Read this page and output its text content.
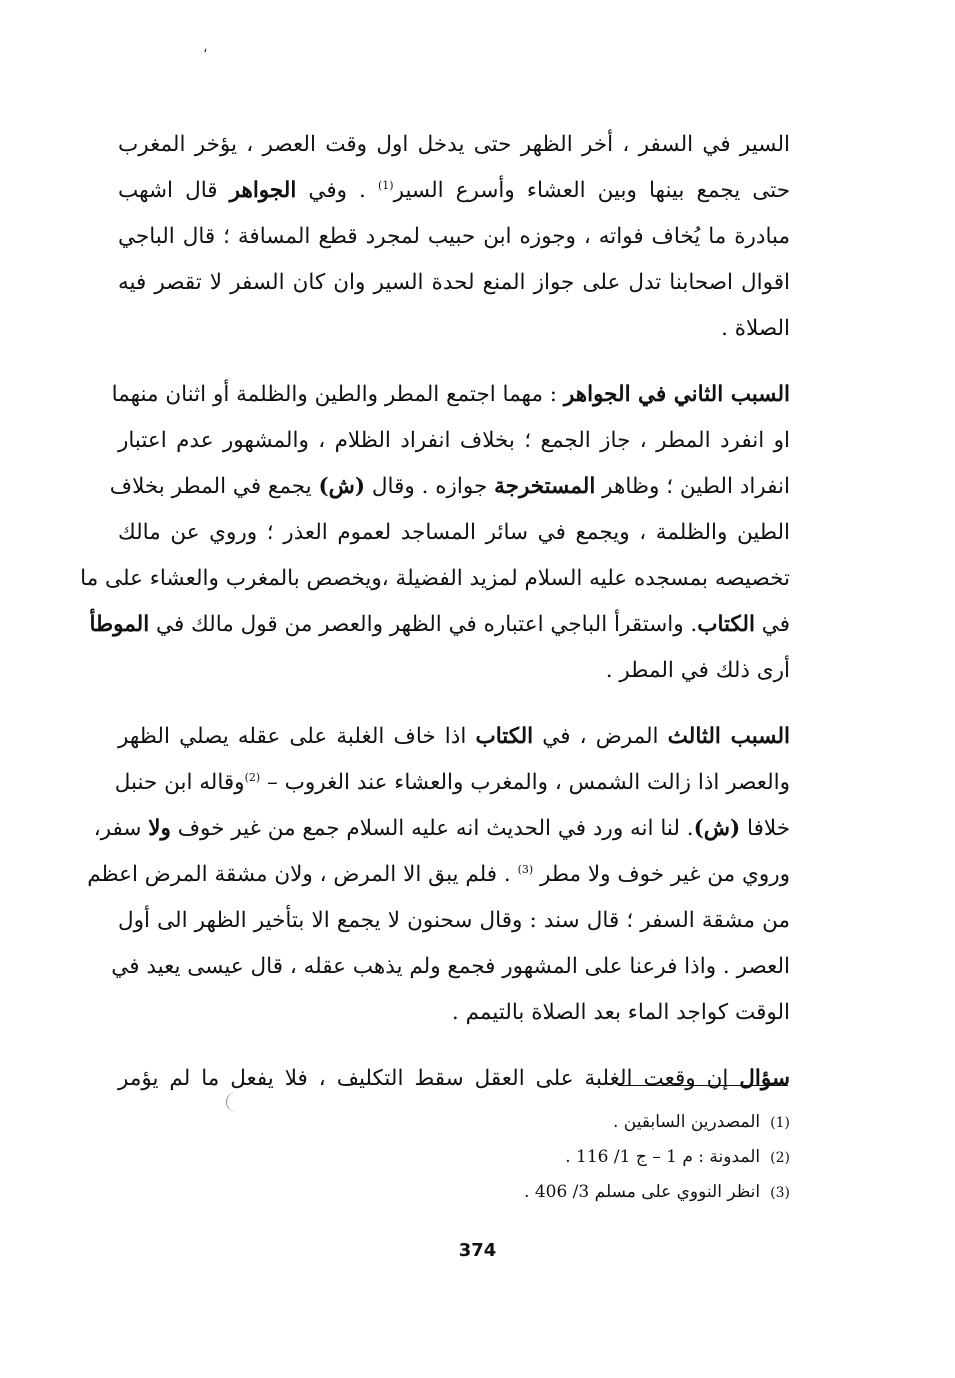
،
السير في السفر ، أخر الظهر حتى يدخل اول وقت العصر ، يؤخر المغرب
حتى يجمع بينها وبين العشاء وأسرع السير$^{(1)}$ . وفي الجواهر قال اشهب
مبادرة ما يُخاف فواته ، وجوزه ابن حبيب لمجرد قطع المسافة ؛ قال الباجي
اقوال اصحابنا تدل على جواز المنع لحدة السير وان كان السفر لا تقصر فيه
الصلاة .
السبب الثاني في الجواهر : مهما اجتمع المطر والطين والظلمة أو اثنان منهما
او انفرد المطر ، جاز الجمع ؛ بخلاف انفراد الظلام ، والمشهور عدم اعتبار
انفراد الطين ؛ وظاهر المستخرجة جوازه . وقال (ش) يجمع في المطر بخلاف
الطين والظلمة ، ويجمع في سائر المساجد لعموم العذر ؛ وروي عن مالك
تخصيصه بمسجده عليه السلام لمزيد الفضيلة ،ويخصص بالمغرب والعشاء على ما
في الكتاب. واستقرأ الباجي اعتباره في الظهر والعصر من قول مالك في الموطأ
أرى ذلك في المطر .
السبب الثالث المرض ، في الكتاب اذا خاف الغلبة على عقله يصلي الظهر
والعصر اذا زالت الشمس ، والمغرب والعشاء عند الغروب – $^{(2)}$وقاله ابن حنبل
خلافا (ش). لنا انه ورد في الحديث انه عليه السلام جمع من غير خوف ولا سفر،
وروي من غير خوف ولا مطر $^{(3)}$ . فلم يبق الا المرض ، ولان مشقة المرض اعظم
من مشقة السفر ؛ قال سند : وقال سحنون لا يجمع الا بتأخير الظهر الى أول
العصر . واذا فرعنا على المشهور فجمع ولم يذهب عقله ، قال عيسى يعيد في
الوقت كواجد الماء بعد الصلاة بالتيمم .
سؤال إن وقعت الغلبة على العقل سقط التكليف ، فلا يفعل ما لم يؤمر
(1)المصدرين السابقين .
(2)المدونة : م 1 – ج 1/ 116 .
(3)انظر النووي على مسلم 3/ 406 .
374
